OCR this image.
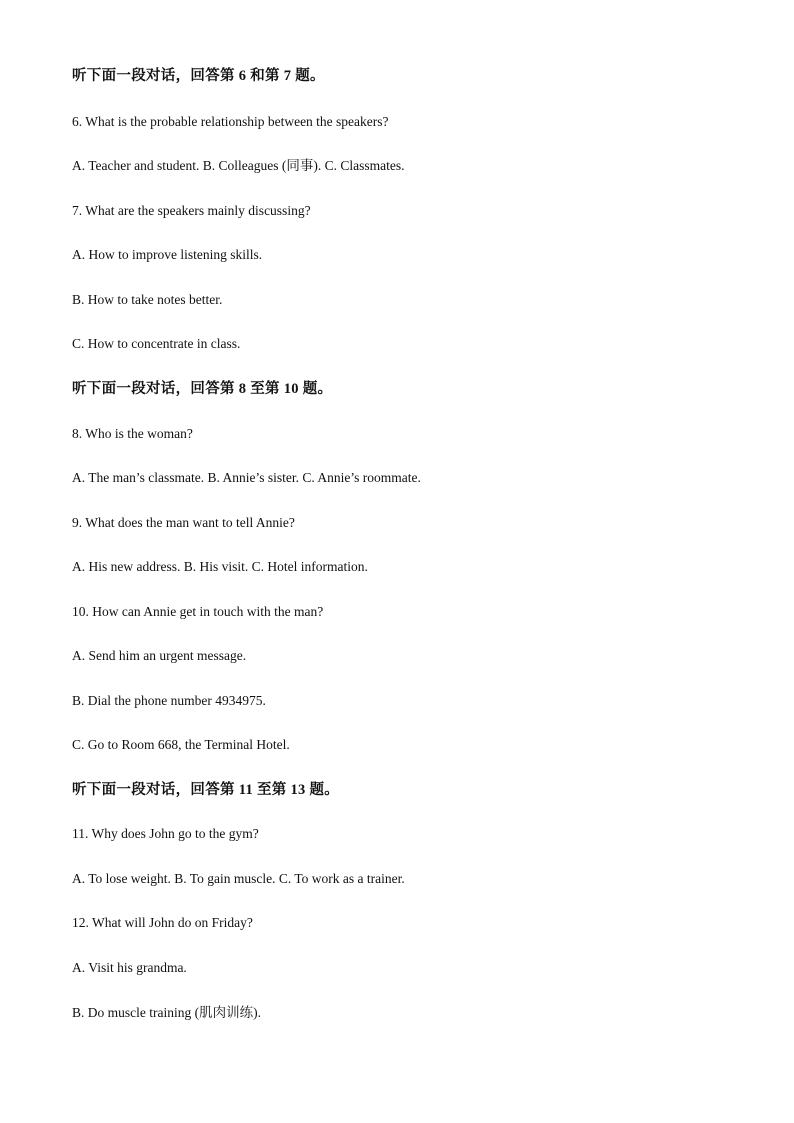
听下面一段对话，回答第 6 和第 7 题。
6. What is the probable relationship between the speakers?
A. Teacher and student. B. Colleagues (同事). C. Classmates.
7. What are the speakers mainly discussing?
A. How to improve listening skills.
B. How to take notes better.
C. How to concentrate in class.
听下面一段对话，回答第 8 至第 10 题。
8. Who is the woman?
A. The man’s classmate. B. Annie’s sister. C. Annie’s roommate.
9. What does the man want to tell Annie?
A. His new address. B. His visit. C. Hotel information.
10. How can Annie get in touch with the man?
A. Send him an urgent message.
B. Dial the phone number 4934975.
C. Go to Room 668, the Terminal Hotel.
听下面一段对话，回答第 11 至第 13 题。
11. Why does John go to the gym?
A. To lose weight. B. To gain muscle. C. To work as a trainer.
12. What will John do on Friday?
A. Visit his grandma.
B. Do muscle training (肌肉训练).
